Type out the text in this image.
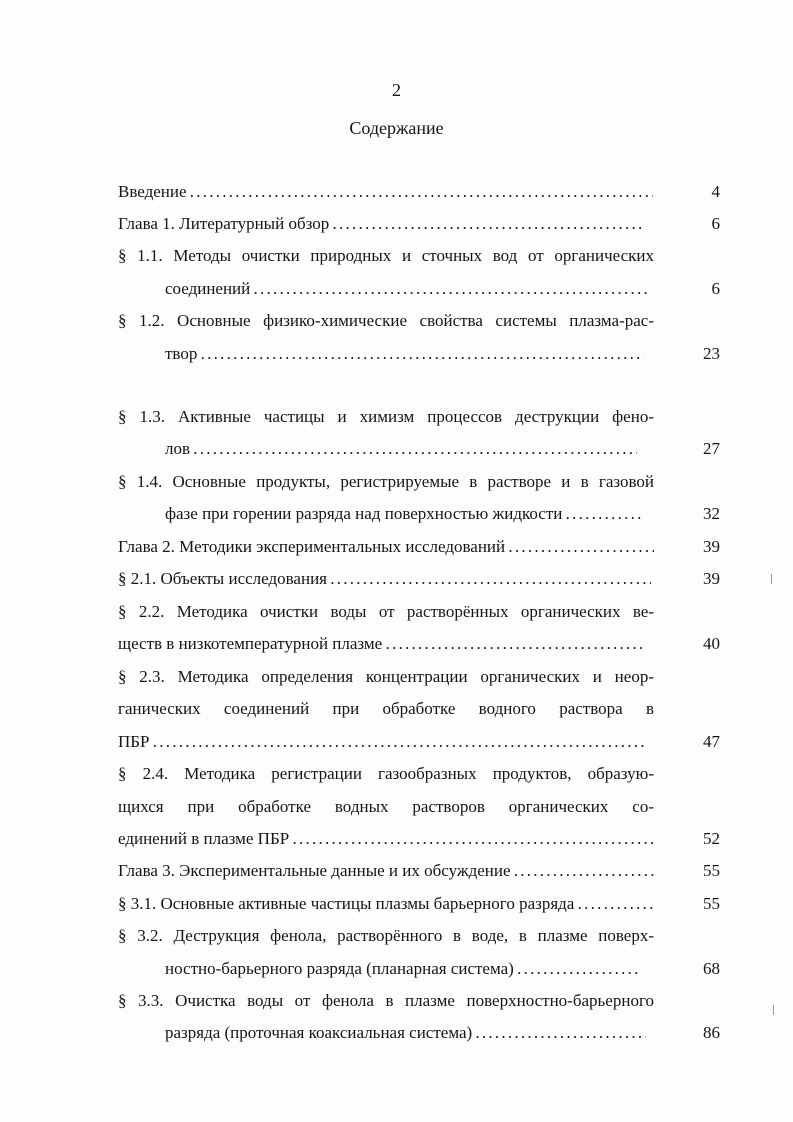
2
Содержание
Введение . . .	4
Глава 1. Литературный обзор . . .	6
§ 1.1. Методы очистки природных и сточных вод от органических
соединений . . .	6
§ 1.2. Основные физико-химические свойства системы плазма-рас-
твор . . .	23
§ 1.3. Активные частицы и химизм процессов деструкции фено-
лов . . .	27
§ 1.4. Основные продукты, регистрируемые в растворе и в газовой
фазе при горении разряда над поверхностью жидкости . . .	32
Глава 2. Методики экспериментальных исследований . . .	39
§ 2.1. Объекты исследования . . .	39
§ 2.2. Методика очистки воды от растворённых органических ве-
ществ в низкотемпературной плазме . . .	40
§ 2.3. Методика определения концентрации органических и неор-
ганических соединений при обработке водного раствора в
ПБР . . .	47
§ 2.4. Методика регистрации газообразных продуктов, образую-
щихся при обработке водных растворов органических со-
единений в плазме ПБР . . .	52
Глава 3. Экспериментальные данные и их обсуждение . . .	55
§ 3.1. Основные активные частицы плазмы барьерного разряда . . .	55
§ 3.2. Деструкция фенола, растворённого в воде, в плазме поверх-
ностно-барьерного разряда (планарная система) . . .	68
§ 3.3. Очистка воды от фенола в плазме поверхностно-барьерного
разряда (проточная коаксиальная система) . . .	86
